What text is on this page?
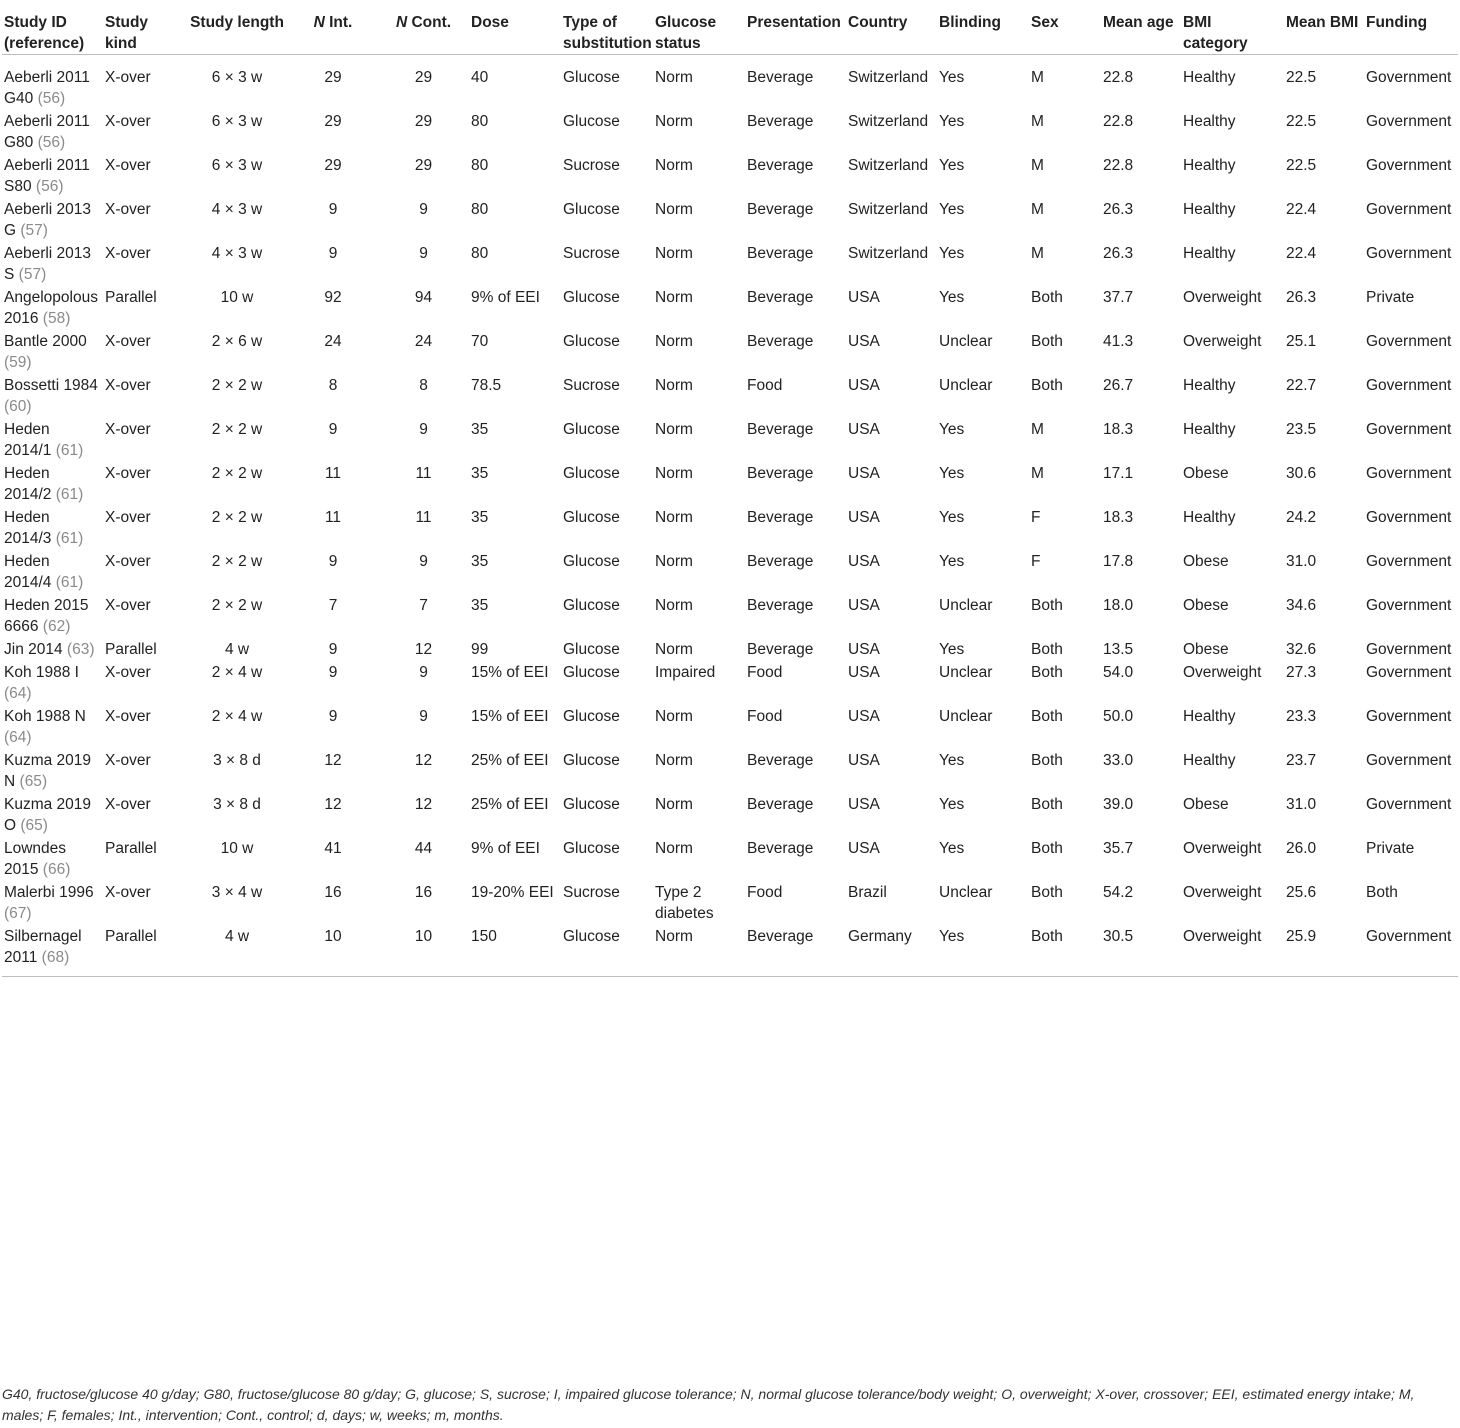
Study ID (reference)	Study kind	Study length	N Int.	N Cont.	Dose	Type of substitution	Glucose status	Presentation	Country	Blinding	Sex	Mean age	BMI category	Mean BMI	Funding
Aeberli 2011 G40 (56)	X-over	6 × 3 w	29	29	40	Glucose	Norm	Beverage	Switzerland	Yes	M	22.8	Healthy	22.5	Government
Aeberli 2011 G80 (56)	X-over	6 × 3 w	29	29	80	Glucose	Norm	Beverage	Switzerland	Yes	M	22.8	Healthy	22.5	Government
Aeberli 2011 S80 (56)	X-over	6 × 3 w	29	29	80	Sucrose	Norm	Beverage	Switzerland	Yes	M	22.8	Healthy	22.5	Government
Aeberli 2013 G (57)	X-over	4 × 3 w	9	9	80	Glucose	Norm	Beverage	Switzerland	Yes	M	26.3	Healthy	22.4	Government
Aeberli 2013 S (57)	X-over	4 × 3 w	9	9	80	Sucrose	Norm	Beverage	Switzerland	Yes	M	26.3	Healthy	22.4	Government
Angelopolous 2016 (58)	Parallel	10 w	92	94	9% of EEI	Glucose	Norm	Beverage	USA	Yes	Both	37.7	Overweight	26.3	Private
Bantle 2000 (59)	X-over	2 × 6 w	24	24	70	Glucose	Norm	Beverage	USA	Unclear	Both	41.3	Overweight	25.1	Government
Bossetti 1984 (60)	X-over	2 × 2 w	8	8	78.5	Sucrose	Norm	Food	USA	Unclear	Both	26.7	Healthy	22.7	Government
Heden 2014/1 (61)	X-over	2 × 2 w	9	9	35	Glucose	Norm	Beverage	USA	Yes	M	18.3	Healthy	23.5	Government
Heden 2014/2 (61)	X-over	2 × 2 w	11	11	35	Glucose	Norm	Beverage	USA	Yes	M	17.1	Obese	30.6	Government
Heden 2014/3 (61)	X-over	2 × 2 w	11	11	35	Glucose	Norm	Beverage	USA	Yes	F	18.3	Healthy	24.2	Government
Heden 2014/4 (61)	X-over	2 × 2 w	9	9	35	Glucose	Norm	Beverage	USA	Yes	F	17.8	Obese	31.0	Government
Heden 2015 6666 (62)	X-over	2 × 2 w	7	7	35	Glucose	Norm	Beverage	USA	Unclear	Both	18.0	Obese	34.6	Government
Jin 2014 (63)	Parallel	4 w	9	12	99	Glucose	Norm	Beverage	USA	Yes	Both	13.5	Obese	32.6	Government
Koh 1988 I (64)	X-over	2 × 4 w	9	9	15% of EEI	Glucose	Impaired	Food	USA	Unclear	Both	54.0	Overweight	27.3	Government
Koh 1988 N (64)	X-over	2 × 4 w	9	9	15% of EEI	Glucose	Norm	Food	USA	Unclear	Both	50.0	Healthy	23.3	Government
Kuzma 2019 N (65)	X-over	3 × 8 d	12	12	25% of EEI	Glucose	Norm	Beverage	USA	Yes	Both	33.0	Healthy	23.7	Government
Kuzma 2019 O (65)	X-over	3 × 8 d	12	12	25% of EEI	Glucose	Norm	Beverage	USA	Yes	Both	39.0	Obese	31.0	Government
Lowndes 2015 (66)	Parallel	10 w	41	44	9% of EEI	Glucose	Norm	Beverage	USA	Yes	Both	35.7	Overweight	26.0	Private
Malerbi 1996 (67)	X-over	3 × 4 w	16	16	19-20% EEI	Sucrose	Type 2 diabetes	Food	Brazil	Unclear	Both	54.2	Overweight	25.6	Both
Silbernagel 2011 (68)	Parallel	4 w	10	10	150	Glucose	Norm	Beverage	Germany	Yes	Both	30.5	Overweight	25.9	Government
G40, fructose/glucose 40 g/day; G80, fructose/glucose 80 g/day; G, glucose; S, sucrose; I, impaired glucose tolerance; N, normal glucose tolerance/body weight; O, overweight; X-over, crossover; EEI, estimated energy intake; M, males; F, females; Int., intervention; Cont., control; d, days; w, weeks; m, months.
